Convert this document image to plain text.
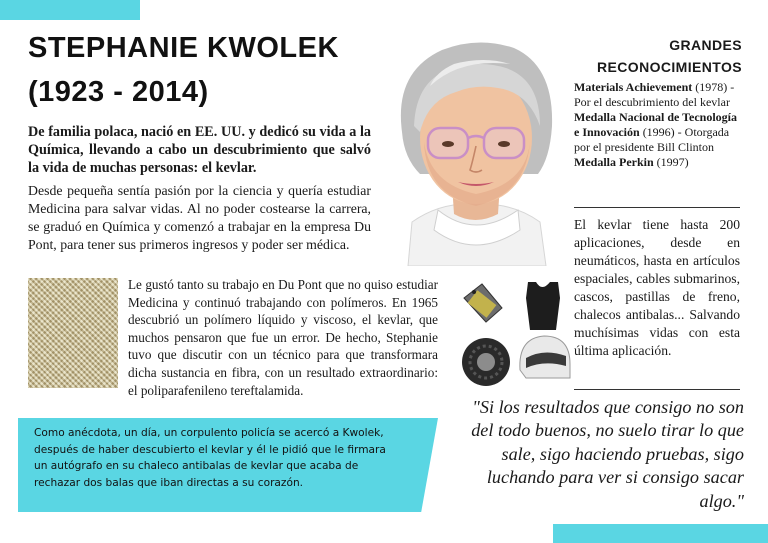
STEPHANIE KWOLEK
(1923 - 2014)

De familia polaca, nació en EE. UU. y dedicó su vida a la Química, llevando a cabo un descubrimiento que salvó la vida de muchas personas: el kevlar.

Desde pequeña sentía pasión por la ciencia y quería estudiar Medicina para salvar vidas. Al no poder costearse la carrera, se graduó en Química y comenzó a trabajar en la empresa Du Pont, para tener sus primeros ingresos y poder ser médica.

Le gustó tanto su trabajo en Du Pont que no quiso estudiar Medicina y continuó trabajando con polímeros. En 1965 descubrió un polímero líquido y viscoso, el kevlar, que muchos pensaron que fue un error. De hecho, Stephanie tuvo que discutir con un técnico para que transformara dicha sustancia en fibra, con un resultado extraordinario: el poliparafenileno tereftalamida.

Como anécdota, un día, un corpulento policía se acercó a Kwolek, después de haber descubierto el kevlar y él le pidió que le firmara un autógrafo en su chaleco antibalas de kevlar que acaba de rechazar dos balas que iban directas a su corazón.

GRANDES
RECONOCIMIENTOS
Materials Achievement (1978) - Por el descubrimiento del kevlar
Medalla Nacional de Tecnología e Innovación (1996) - Otorgada por el presidente Bill Clinton
Medalla Perkin (1997)

El kevlar tiene hasta 200 aplicaciones, desde en neumáticos, hasta en artículos espaciales, cables submarinos, cascos, pastillas de freno, chalecos antibalas... Salvando muchísimas vidas con esta última aplicación.

"Si los resultados que consigo no son del todo buenos, no suelo tirar lo que sale, sigo haciendo pruebas, sigo luchando para ver si consigo sacar algo."
